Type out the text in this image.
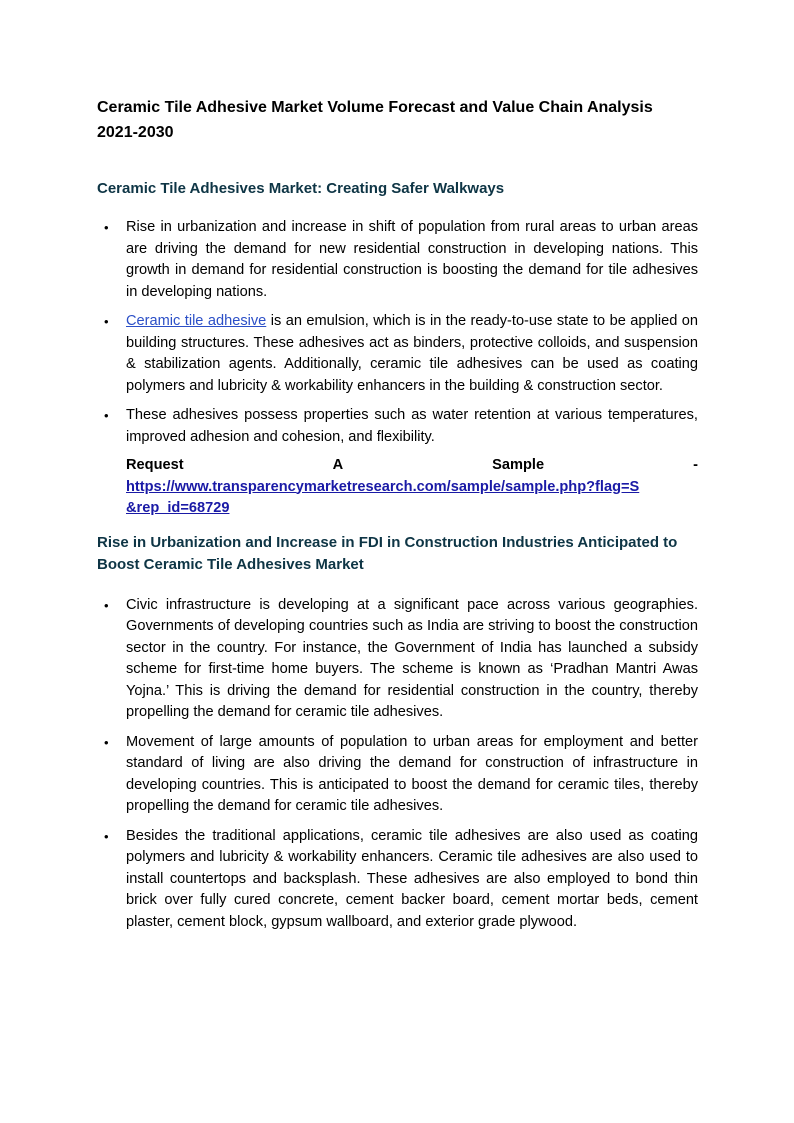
Ceramic Tile Adhesive Market Volume Forecast and Value Chain Analysis 2021-2030
Ceramic Tile Adhesives Market: Creating Safer Walkways
• Rise in urbanization and increase in shift of population from rural areas to urban areas are driving the demand for new residential construction in developing nations. This growth in demand for residential construction is boosting the demand for tile adhesives in developing nations.
• Ceramic tile adhesive is an emulsion, which is in the ready-to-use state to be applied on building structures. These adhesives act as binders, protective colloids, and suspension & stabilization agents. Additionally, ceramic tile adhesives can be used as coating polymers and lubricity & workability enhancers in the building & construction sector.
• These adhesives possess properties such as water retention at various temperatures, improved adhesion and cohesion, and flexibility.
Request	A	Sample	-
https://www.transparencymarketresearch.com/sample/sample.php?flag=S
&rep_id=68729
Rise in Urbanization and Increase in FDI in Construction Industries Anticipated to Boost Ceramic Tile Adhesives Market
• Civic infrastructure is developing at a significant pace across various geographies. Governments of developing countries such as India are striving to boost the construction sector in the country. For instance, the Government of India has launched a subsidy scheme for first-time home buyers. The scheme is known as ‘Pradhan Mantri Awas Yojna.’ This is driving the demand for residential construction in the country, thereby propelling the demand for ceramic tile adhesives.
• Movement of large amounts of population to urban areas for employment and better standard of living are also driving the demand for construction of infrastructure in developing countries. This is anticipated to boost the demand for ceramic tiles, thereby propelling the demand for ceramic tile adhesives.
• Besides the traditional applications, ceramic tile adhesives are also used as coating polymers and lubricity & workability enhancers. Ceramic tile adhesives are also used to install countertops and backsplash. These adhesives are also employed to bond thin brick over fully cured concrete, cement backer board, cement mortar beds, cement plaster, cement block, gypsum wallboard, and exterior grade plywood.
